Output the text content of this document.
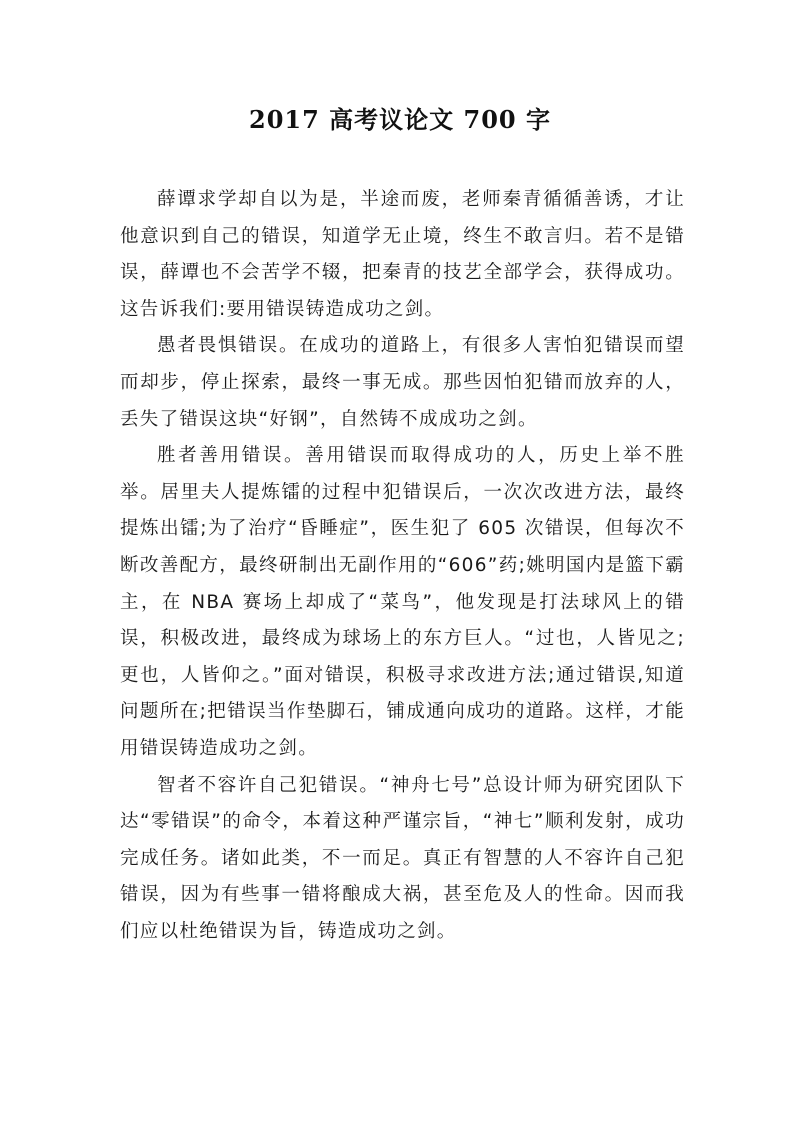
2017 高考议论文 700 字

薛谭求学却自以为是，半途而废，老师秦青循循善诱，才让他意识到自己的错误，知道学无止境，终生不敢言归。若不是错误，薛谭也不会苦学不辍，把秦青的技艺全部学会，获得成功。这告诉我们:要用错误铸造成功之剑。

愚者畏惧错误。在成功的道路上，有很多人害怕犯错误而望而却步，停止探索，最终一事无成。那些因怕犯错而放弃的人，丢失了错误这块“好钢”，自然铸不成成功之剑。

胜者善用错误。善用错误而取得成功的人，历史上举不胜举。居里夫人提炼镭的过程中犯错误后，一次次改进方法，最终提炼出镭;为了治疗“昏睡症”，医生犯了 605 次错误，但每次不断改善配方，最终研制出无副作用的“606”药;姚明国内是篮下霸主，在 NBA 赛场上却成了“菜鸟”，他发现是打法球风上的错误，积极改进，最终成为球场上的东方巨人。“过也，人皆见之;更也，人皆仰之。”面对错误，积极寻求改进方法;通过错误,知道问题所在;把错误当作垫脚石，铺成通向成功的道路。这样，才能用错误铸造成功之剑。

智者不容许自己犯错误。“神舟七号”总设计师为研究团队下达“零错误”的命令，本着这种严谨宗旨，“神七”顺利发射，成功完成任务。诸如此类，不一而足。真正有智慧的人不容许自己犯错误，因为有些事一错将酿成大祸，甚至危及人的性命。因而我们应以杜绝错误为旨，铸造成功之剑。
